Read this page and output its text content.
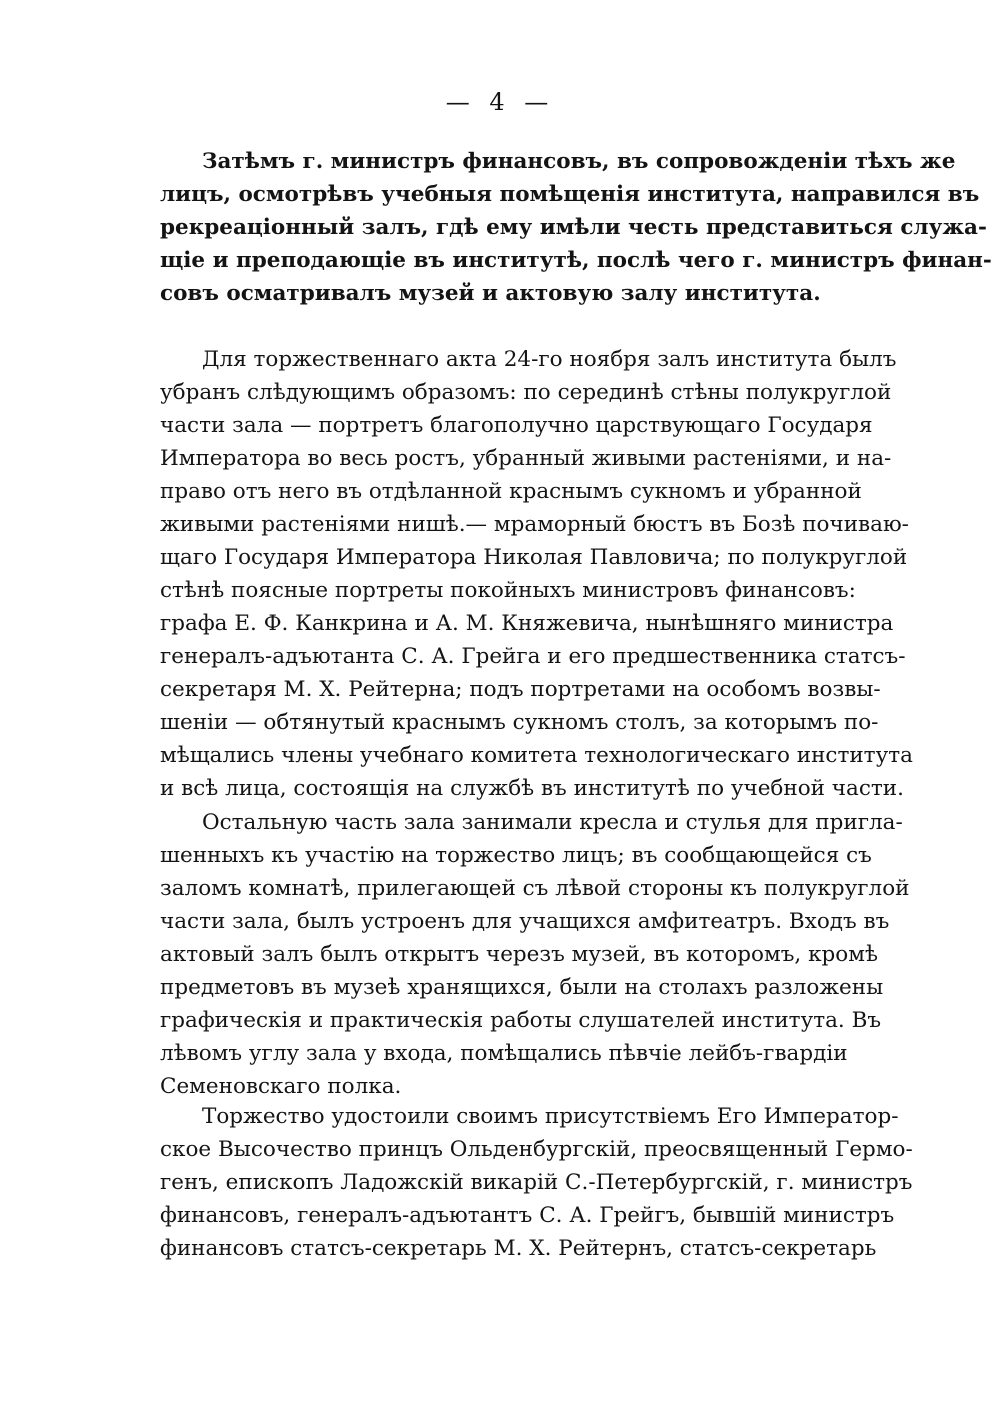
— 4 —
Затѣмъ г. министръ финансовъ, въ сопровожденіи тѣхъ же
лицъ, осмотрѣвъ учебныя помѣщенія института, направился въ
рекреаціонный залъ, гдѣ ему имѣли честь представиться служа-
щіе и преподающіе въ институтѣ, послѣ чего г. министръ финан-
совъ осматривалъ музей и актовую залу института.
Для торжественнаго акта 24-го ноября залъ института былъ
убранъ слѣдующимъ образомъ: по серединѣ стѣны полукруглой
части зала — портретъ благополучно царствующаго Государя
Императора во весь ростъ, убранный живыми растеніями, и на-
право отъ него въ отдѣланной краснымъ сукномъ и убранной
живыми растеніями нишѣ.— мраморный бюстъ въ Бозѣ почиваю-
щаго Государя Императора Николая Павловича; по полукруглой
стѣнѣ поясные портреты покойныхъ министровъ финансовъ:
графа Е. Ф. Канкрина и А. М. Княжевича, нынѣшняго министра
генералъ-адъютанта С. А. Грейга и его предшественника статсъ-
секретаря М. Х. Рейтерна; подъ портретами на особомъ возвы-
шеніи — обтянутый краснымъ сукномъ столъ, за которымъ по-
мѣщались члены учебнаго комитета технологическаго института
и всѣ лица, состоящія на службѣ въ институтѣ по учебной части.
Остальную часть зала занимали кресла и стулья для пригла-
шенныхъ къ участію на торжество лицъ; въ сообщающейся съ
заломъ комнатѣ, прилегающей съ лѣвой стороны къ полукруглой
части зала, былъ устроенъ для учащихся амфитеатръ. Входъ въ
актовый залъ былъ открытъ черезъ музей, въ которомъ, кромѣ
предметовъ въ музеѣ хранящихся, были на столахъ разложены
графическія и практическія работы слушателей института. Въ
лѣвомъ углу зала у входа, помѣщались пѣвчіе лейбъ-гвардіи
Семеновскаго полка.
Торжество удостоили своимъ присутствіемъ Его Император-
ское Высочество принцъ Ольденбургскій, преосвященный Гермо-
генъ, епископъ Ладожскій викарій С.-Петербургскій, г. министръ
финансовъ, генералъ-адъютантъ С. А. Грейгъ, бывшій министръ
финансовъ статсъ-секретарь М. Х. Рейтернъ, статсъ-секретарь
